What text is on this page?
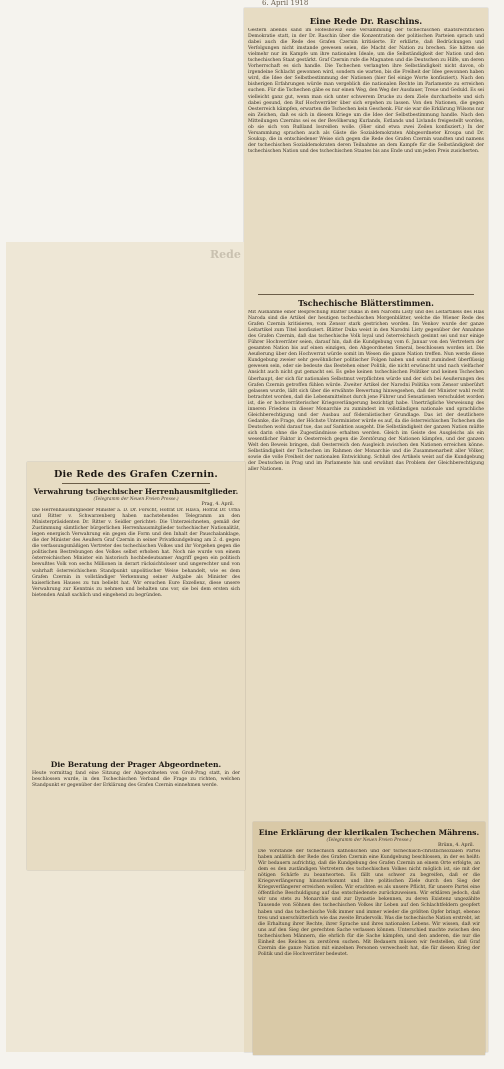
6. April 1918
Eine Rede Dr. Raschins.
Gestern abends sand im Hofeshowiz eine Versammlung der tschechischen staatsrechtlichen Demokratie statt, in der Dr. Raschin über die Konzentration der politischen Parteien sprach und dabei auch die Rede des Grafen Czernin kritisierte. Er erklärte, daß Bedrückungen und Verfolgungen nicht imstande gewesen seien, die Macht der Nation zu brechen. Sie hätten sie vielmehr nur im Kampfe um ihre nationalen Ideale, um die Selbständigkeit der Nation und den tschechischen Staat gestärkt. Graf Czernin rufe die Magnaten und die Deutschen zu Hilfe, um deren Vorherrschaft es sich handle. Die Tschechen verlangten ihre Selbständigkeit nicht davon, ob irgendeine Schlacht gewonnen wird, sondern sie warten, bis die Freiheit der Idee gewonnen haben wird, die Idee der Selbstbestimmung der Nationen (hier fiel einige Worte konfisziert). Nach den bisherigen Erfahrungen würde man vergeblich die nationalen Rechte im Parlamente zu erreichen suchen. Für die Tschechen gäbe es nur einen Weg, den Weg der Ausdauer, Treue und Geduld. Es sei vielleicht ganz gut, wenn man sich unter schwerem Drucke zu dem Ziele durcharbeite und sich dabei gesund, den Ruf Hochverräter über sich ergehen zu lassen. Von den Nationen, die gegen Oesterreich kämpfen, erwarten die Tschechen kein Geschenk. Für sie war die Erklärung Wilsons nur ein Zeichen, daß es sich in diesem Kriege um die Idee der Selbstbestimmung handle. Nach den Mitteilungen Czernins sei es der Bevölkerung Kurlands, Estlands und Livlands freigestellt worden, ob sie sich von Rußland losreißen wolle. (Hier sind etwa zwei Zeilen konfisziert.) In der Versammlung sprachen auch als Gäste die Sozialdemokraten Abbgeordneter Kroupa und Dr. Soukup, die in entschiedener Weise sich gegen die Rede des Grafen Czernin wandten und namens der tschechischen Sozialdemokraten deren Teilnahme an dem Kampfe für die Selbständigkeit der tschechischen Nation und des tschechischen Staates bis ans Ende und um jeden Preis zusicherten.
Tschechische Blätterstimmen.
Mit Ausnahme einer Besprechung Blatter Dukas in den Narodni Listy und des Leitartikels des Hlas Naroda sind die Artikel der heutigen tschechischen Morgenblätter, welche die Wiener Rede des Grafen Czernin kritisieren, vom Zensor stark gestrichen worden. Im Venkov wurde der ganze Leitartikel zum Titel konfisziert. Blätter Duka weist in den Narodni Listy gegenüber der Annahme des Grafen Czernin, daß das tschechische Volk loyal und österreichisch gesinnt sei und nur einige Führer Hochverräter seien, darauf hin, daß die Kundgebung vom 6. Januar von den Vertretern der gesamten Nation bis auf einen einzigen, den Abgeordneten Smeral, beschlossen worden ist. Die Aeußerung über den Hochverrat würde somit im Wesen die ganze Nation treffen. Nun werde diese Kundgebung zweier sehr gewöhnlicher politischer Folgen haben und somit zumindest überflüssig gewesen sein, oder sie bedeute das Bestehen einer Politik, die nicht erwünscht und nach vielfacher Ansicht auch nicht gut gemacht sei. Es gebe keinen tschechischen Politiker und keinen Tschechen überhaupt, der sich für nationalen Selbstmut verpflichten würde und der sich bei Aeußerungen des Grafen Czernin getroffen fühlen würde. Zweiter Artikel der Narodni Politika vom Zensor unberührt gelassen wurde, läßt sich über die erwähnte Bewertung hinwegsehen, daß der Minister wahl recht betrachtet worden, daß die Lebensmittelnot durch jene Führer und Sensationen verschuldet worden ist, die er hochverräterischer Kriegsverlängerung bezichtigt habe. Unerträgliche Verweisung des inneren Friedens in dieser Monarchie zu zumindest im vollständigen nationale und sprachliche Gleichberechtigung und der Ausbau auf föderalistischer Grundlage. Das ist der deutlichere Gedanke, die Frage, der Höchste Unterminister würde es auf, da die österreichischen Tschechen die Deutschen wohl darauf tue, das auf Sanktion ausgeht. Die Selbständigkeit der ganzen Nation müßte sich darin ohne die Zugeständnisse erhalten werden. Gleich im Geiste des Ausgleichs als ein wesentlicher Faktor in Oesterreich gegen die Zerstörung der Nationen kämpfen, und der ganzen Welt den Beweis bringen, daß Oesterreich den Ausgleich zwischen den Nationen erreichen könne. Selbständigkeit der Tschechen im Rahmen der Monarchie und die Zusammenarbeit aller Völker, sowie die volle Freiheit der nationalen Entwicklung. Schluß des Artikels weist auf die Kundgebung der Deutschen in Prag und im Parlamente hin und erwähnt das Problem der Gleichberechtigung aller Nationen.
Rede
Die Rede des Grafen Czernin.
Verwahrung tschechischer Herrenhausmitglieder.
(Telegramm der Neuen Freien Presse.)
Prag, 4. April.
Die Herrenhausmitglieder Minister a. D. Dr. Forscht, Hofrat Dr. Hlava, Hofrat Dr. Urba und Ritter v. Schwarzenberg haben nachstehendes Telegramm an den Ministerpräsidenten Dr. Ritter v. Seidler gerichtet: Die Unterzeichneten, gemäß der Zustimmung sämtlicher bürgerlichen Herrenhausmitglieder tschechischer Nationalität, legen energisch Verwahrung ein gegen die Form und den Inhalt der Pauschalanklage, die der Minister des Aeußern Graf Czernin in seiner Privatkundgebung am 2. d. gegen die verfassungsmäßigen Vertreter des tschechischen Volkes und ihr Vorgehen gegen die politischen Bestrebungen des Volkes selbst erhoben hat. Noch nie wurde von einem österreichischen Minister ein historisch hochbedeutsamer Angriff gegen ein politisch bewußtes Volk von sechs Millionen in derart rücksichtsloser und ungerechter und von wahrhaft österreichischem Standpunkt unpolitischer Weise behandelt, wie es dem Grafen Czernin in vollständiger Verkennung seiner Aufgabe als Minister des kaiserlichen Hauses zu tun beliebt hat. Wir ersuchen Eure Exzellenz, diese unsere Verwahrung zur Kenntnis zu nehmen und behalten uns vor, sie bei dem ersten sich bietenden Anlaß sachlich und eingehend zu begründen.
Die Beratung der Prager Abgeordneten.
Heute vormittag fand eine Sitzung der Abgeordneten von Groß-Prag statt, in der beschlossen wurde, in den Tschechischen Verband die Frage zu richten, welchen Standpunkt er gegenüber der Erklärung des Grafen Czernin einnehmen werde.
Eine Erklärung der klerikalen Tschechen Mährens.
(Telegramm der Neuen Freien Presse.)
Brünn, 4. April.
Die Vorstände der tschechisch katholischen und der tschechisch-christlichsozialen Partei haben anläßlich der Rede des Grafen Czernin eine Kundgebung beschlossen, in der es heißt: Wir bedauern aufrichtig, daß die Kundgebung des Grafen Czernin an einem Orte erfolgte, an dem es den zuständigen Vertretern des tschechischen Volkes nicht möglich ist, sie mit der nötigen Schärfe zu beantworten. Es fällt uns schwer zu begreifen, daß er die Kriegsverlängerung hinunterkommt und ihre politischen Ziele durch den Sieg der Kriegsverlängerer erreichen wollen. Wir erachten es als unsere Pflicht, für unsere Partei eine öffentliche Beschuldigung auf das entschiedenste zurückzuweisen. Wir erklären jedoch, daß wir uns stets zu Monarchie und zur Dynastie bekennen, zu deren Existenz ungezählte Tausende von Söhnen des tschechischen Volkes ihr Leben auf den Schlachtfeldern geopfert haben und das tschechische Volk immer und immer wieder die größten Opfer bringt, ebenso treu und unerschütterlich wie das zweite Brudervolk. Was die tschechische Nation erstrebt, ist die Erhaltung ihrer Rechte, ihrer Sprache und ihres nationalen Lebens. Wir wissen, daß wir uns auf den Sieg der gerechten Sache verlassen können. Unterschied machte zwischen den tschechischen Männern, die ehrlich für die Sache kämpfen, und den anderen, die nur die Einheit des Reiches zu zerstören suchen. Mit Bedauern müssen wir feststellen, daß Graf Czernin die ganze Nation mit einzelnen Personen verwechselt hat, die für diesen Krieg der Politik und die Hochverräter bedeutet.
